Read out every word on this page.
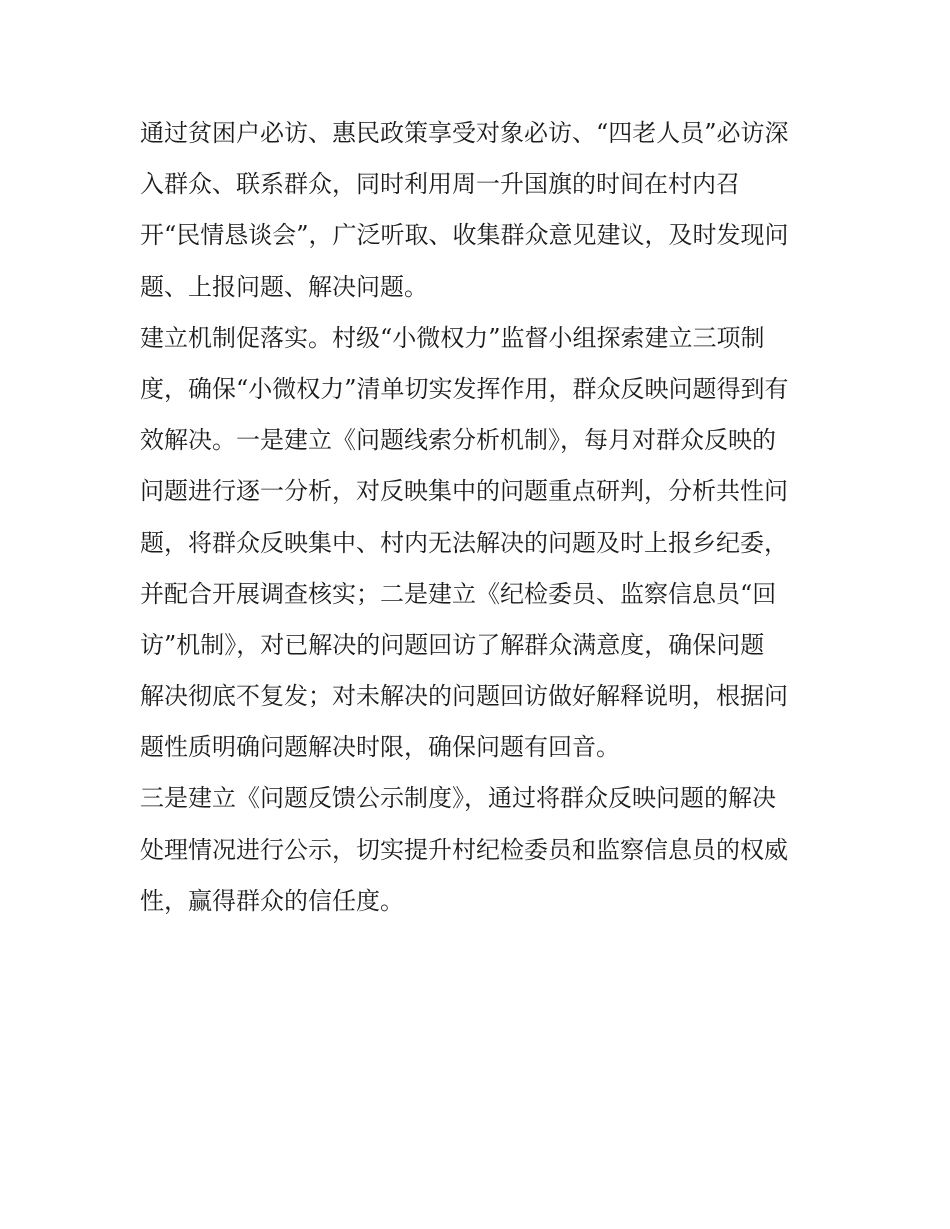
通过贫困户必访、惠民政策享受对象必访、“四老人员”必访深
入群众、联系群众，同时利用周一升国旗的时间在村内召
开“民情恳谈会”，广泛听取、收集群众意见建议，及时发现问
题、上报问题、解决问题。
建立机制促落实。村级“小微权力”监督小组探索建立三项制
度，确保“小微权力”清单切实发挥作用，群众反映问题得到有
效解决。一是建立《问题线索分析机制》，每月对群众反映的
问题进行逐一分析，对反映集中的问题重点研判，分析共性问
题，将群众反映集中、村内无法解决的问题及时上报乡纪委，
并配合开展调查核实；二是建立《纪检委员、监察信息员“回
访”机制》，对已解决的问题回访了解群众满意度，确保问题
解决彻底不复发；对未解决的问题回访做好解释说明，根据问
题性质明确问题解决时限，确保问题有回音。
三是建立《问题反馈公示制度》，通过将群众反映问题的解决
处理情况进行公示，切实提升村纪检委员和监察信息员的权威
性，赢得群众的信任度。
